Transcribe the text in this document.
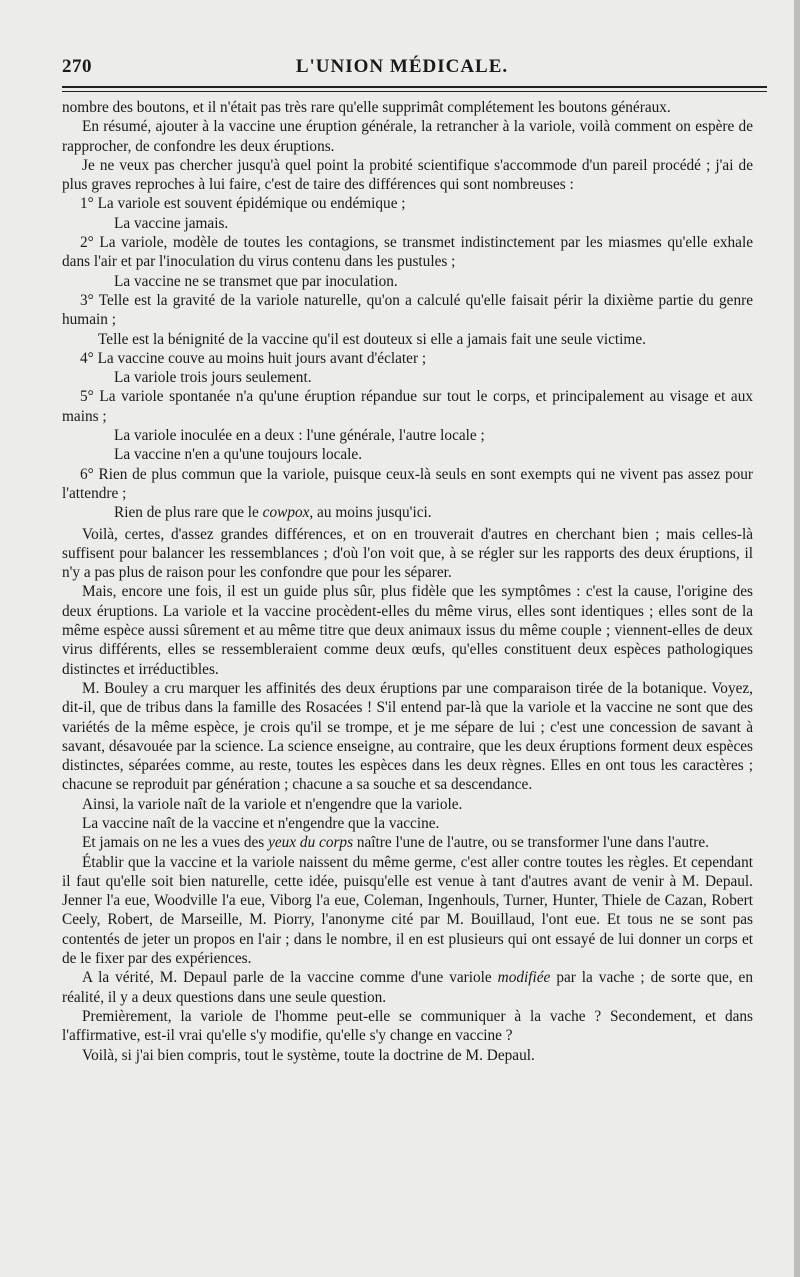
270	L'UNION MÉDICALE.

nombre des boutons, et il n'était pas très rare qu'elle supprimât complétement les boutons généraux.

En résumé, ajouter à la vaccine une éruption générale, la retrancher à la variole, voilà comment on espère de rapprocher, de confondre les deux éruptions.

Je ne veux pas chercher jusqu'à quel point la probité scientifique s'accommode d'un pareil procédé ; j'ai de plus graves reproches à lui faire, c'est de taire des différences qui sont nombreuses :

1° La variole est souvent épidémique ou endémique ;

La vaccine jamais.

2° La variole, modèle de toutes les contagions, se transmet indistinctement par les miasmes qu'elle exhale dans l'air et par l'inoculation du virus contenu dans les pustules ;

La vaccine ne se transmet que par inoculation.

3° Telle est la gravité de la variole naturelle, qu'on a calculé qu'elle faisait périr la dixième partie du genre humain ;

Telle est la bénignité de la vaccine qu'il est douteux si elle a jamais fait une seule victime.

4° La vaccine couve au moins huit jours avant d'éclater ;

La variole trois jours seulement.

5° La variole spontanée n'a qu'une éruption répandue sur tout le corps, et principalement au visage et aux mains ;

La variole inoculée en a deux : l'une générale, l'autre locale ;

La vaccine n'en a qu'une toujours locale.

6° Rien de plus commun que la variole, puisque ceux-là seuls en sont exempts qui ne vivent pas assez pour l'attendre ;

Rien de plus rare que le cowpox, au moins jusqu'ici.

Voilà, certes, d'assez grandes différences, et on en trouverait d'autres en cherchant bien ; mais celles-là suffisent pour balancer les ressemblances ; d'où l'on voit que, à se régler sur les rapports des deux éruptions, il n'y a pas plus de raison pour les confondre que pour les séparer.

Mais, encore une fois, il est un guide plus sûr, plus fidèle que les symptômes : c'est la cause, l'origine des deux éruptions. La variole et la vaccine procèdent-elles du même virus, elles sont identiques ; elles sont de la même espèce aussi sûrement et au même titre que deux animaux issus du même couple ; viennent-elles de deux virus différents, elles se ressembleraient comme deux œufs, qu'elles constituent deux espèces pathologiques distinctes et irréductibles.

M. Bouley a cru marquer les affinités des deux éruptions par une comparaison tirée de la botanique. Voyez, dit-il, que de tribus dans la famille des Rosacées ! S'il entend par-là que la variole et la vaccine ne sont que des variétés de la même espèce, je crois qu'il se trompe, et je me sépare de lui ; c'est une concession de savant à savant, désavouée par la science. La science enseigne, au contraire, que les deux éruptions forment deux espèces distinctes, séparées comme, au reste, toutes les espèces dans les deux règnes. Elles en ont tous les caractères ; chacune se reproduit par génération ; chacune a sa souche et sa descendance.

Ainsi, la variole naît de la variole et n'engendre que la variole.

La vaccine naît de la vaccine et n'engendre que la vaccine.

Et jamais on ne les a vues des yeux du corps naître l'une de l'autre, ou se transformer l'une dans l'autre.

Établir que la vaccine et la variole naissent du même germe, c'est aller contre toutes les règles. Et cependant il faut qu'elle soit bien naturelle, cette idée, puisqu'elle est venue à tant d'autres avant de venir à M. Depaul. Jenner l'a eue, Woodville l'a eue, Viborg l'a eue, Coleman, Ingenhouls, Turner, Hunter, Thiele de Cazan, Robert Ceely, Robert, de Marseille, M. Piorry, l'anonyme cité par M. Bouillaud, l'ont eue. Et tous ne se sont pas contentés de jeter un propos en l'air ; dans le nombre, il en est plusieurs qui ont essayé de lui donner un corps et de le fixer par des expériences.

A la vérité, M. Depaul parle de la vaccine comme d'une variole modifiée par la vache ; de sorte que, en réalité, il y a deux questions dans une seule question.

Premièrement, la variole de l'homme peut-elle se communiquer à la vache ? Secondement, et dans l'affirmative, est-il vrai qu'elle s'y modifie, qu'elle s'y change en vaccine ?

Voilà, si j'ai bien compris, tout le système, toute la doctrine de M. Depaul.
